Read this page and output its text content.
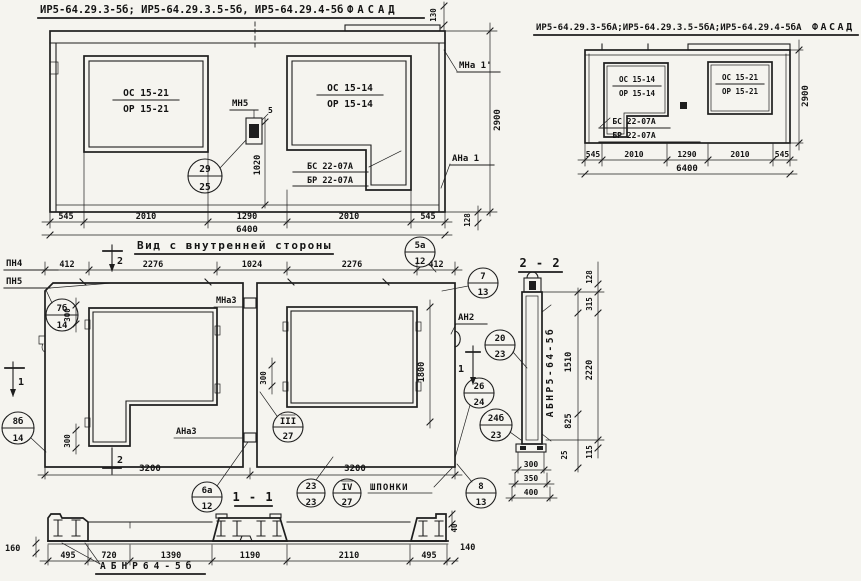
ИР5-64.29.3-5б; ИР5-64.29.3.5-5б, ИР5-64.29.4-5б ФАСАД
ОС 15-21
ОР 15-21
ОС 15-14
ОР 15-14
БС 22-07А
БР 22-07А
МН5
5
1020
29
25
МНа 1'
АНа 1
130
2900
128
545	2010	1290	2010	545
6400
ИР5-64.29.3-5бА;ИР5-64.29.3.5-5бА;ИР5-64.29.4-5бА ФАСАД
ОС 15-14
ОР 15-14
ОС 15-21
ОР 15-21
БС 22-07А
БР 22-07А
545	2010	1290	2010	545
6400
2900
Вид с внутренней стороны
412	2276	1024	2276	412
ПН4
ПН5
2
2
1
1
300
300
МНа3
АНа3
АН2
300	1800
III
27
3200	3200
ШПОНКИ
7б
14
8б
14
5а
12
7
13
20
23
26
24
24б
23
6а
12
23
23
IV
27
8
13
2 - 2
АБНР5-64-5б 1510
825
128
315
2220
115
25
300
350
400
1 - 1
495	720	1390	1190	2110	495
160
40
140
АБНР64-5б
